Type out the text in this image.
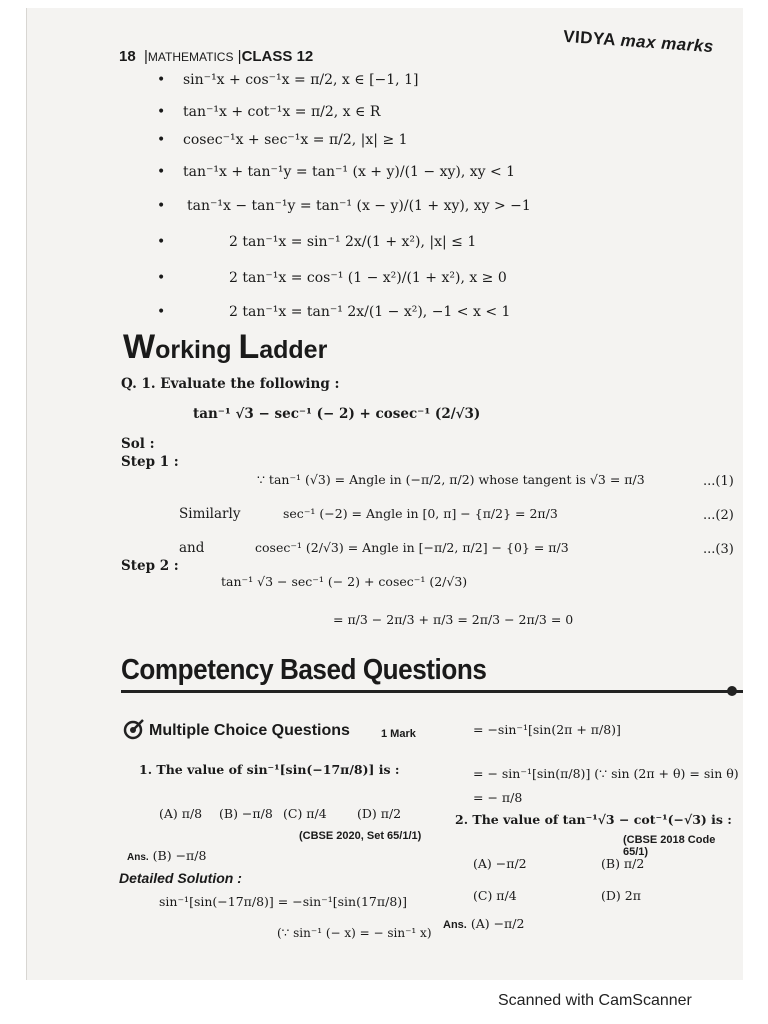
18  |MATHEMATICS |CLASS 12
VIDYA max marks
• sin⁻¹x + cos⁻¹x = π/2, x ∈ [−1, 1]
• tan⁻¹x + cot⁻¹x = π/2, x ∈ R
• cosec⁻¹x + sec⁻¹x = π/2, |x| ≥ 1
• tan⁻¹x + tan⁻¹y = tan⁻¹ (x + y)/(1 − xy), xy < 1
• tan⁻¹x − tan⁻¹y = tan⁻¹ (x − y)/(1 + xy), xy > −1
•	2 tan⁻¹x = sin⁻¹ 2x/(1 + x²), |x| ≤ 1
•	2 tan⁻¹x = cos⁻¹ (1 − x²)/(1 + x²), x ≥ 0
•	2 tan⁻¹x = tan⁻¹ 2x/(1 − x²), −1 < x < 1
Working Ladder
Q. 1. Evaluate the following :
tan⁻¹ √3 − sec⁻¹ (− 2) + cosec⁻¹ (2/√3)
Sol :
Step 1 :
∵ tan⁻¹ (√3) = Angle in (−π/2, π/2) whose tangent is √3 = π/3	...(1)
Similarly	sec⁻¹ (−2) = Angle in [0, π] − {π/2} = 2π/3	...(2)
and	cosec⁻¹ (2/√3) = Angle in [−π/2, π/2] − {0} = π/3	...(3)
Step 2 :
tan⁻¹ √3 − sec⁻¹ (− 2) + cosec⁻¹ (2/√3)
= π/3 − 2π/3 + π/3 = 2π/3 − 2π/3 = 0
Competency Based Questions
Multiple Choice Questions	1 Mark
1. The value of sin⁻¹[sin(−17π/8)] is :
(A) π/8 (B) −π/8 (C) π/4 (D) π/2
(CBSE 2020, Set 65/1/1)
Ans. (B) −π/8
Detailed Solution :
sin⁻¹[sin(−17π/8)] = −sin⁻¹[sin(17π/8)]
(∵ sin⁻¹ (− x) = − sin⁻¹ x)
= −sin⁻¹[sin(2π + π/8)]
= − sin⁻¹[sin(π/8)] (∵ sin (2π + θ) = sin θ)
= − π/8
2. The value of tan⁻¹√3 − cot⁻¹(−√3) is :
(CBSE 2018 Code 65/1)
(A) −π/2	(B) π/2
(C) π/4	(D) 2π
Ans. (A) −π/2
Scanned with CamScanner
